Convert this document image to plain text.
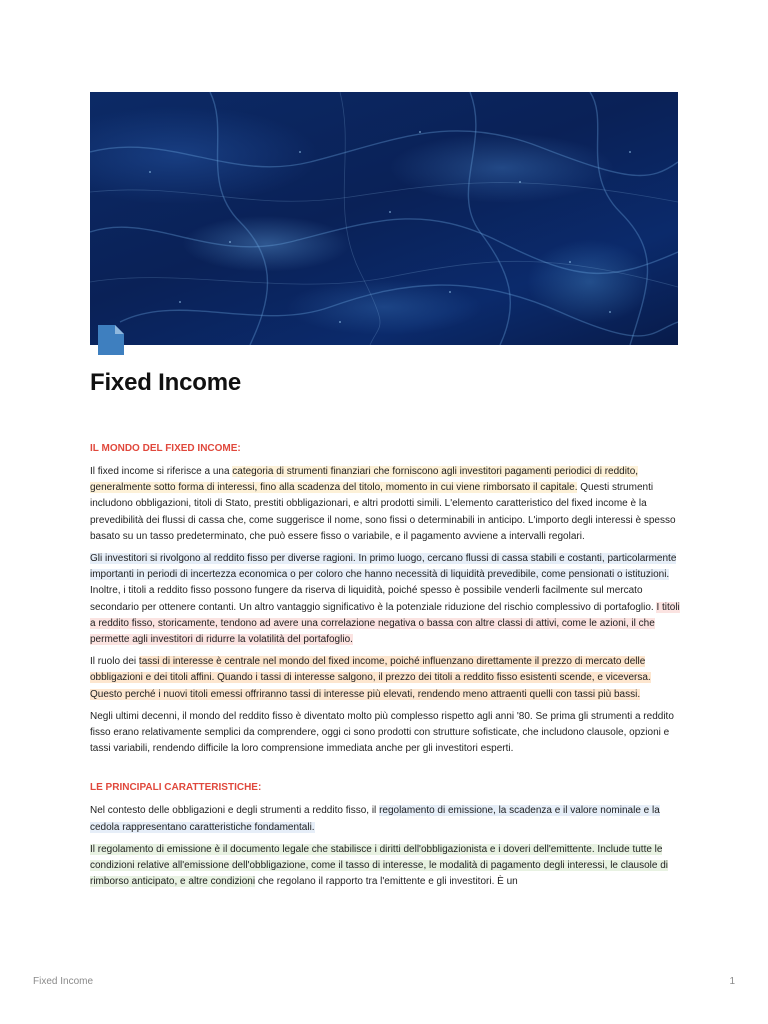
Fixed Income
IL MONDO DEL FIXED INCOME:

Il fixed income si riferisce a una categoria di strumenti finanziari che forniscono agli investitori pagamenti periodici di reddito, generalmente sotto forma di interessi, fino alla scadenza del titolo, momento in cui viene rimborsato il capitale. Questi strumenti includono obbligazioni, titoli di Stato, prestiti obbligazionari, e altri prodotti simili. L'elemento caratteristico del fixed income è la prevedibilità dei flussi di cassa che, come suggerisce il nome, sono fissi o determinabili in anticipo. L'importo degli interessi è spesso basato su un tasso predeterminato, che può essere fisso o variabile, e il pagamento avviene a intervalli regolari.

Gli investitori si rivolgono al reddito fisso per diverse ragioni. In primo luogo, cercano flussi di cassa stabili e costanti, particolarmente importanti in periodi di incertezza economica o per coloro che hanno necessità di liquidità prevedibile, come pensionati o istituzioni. Inoltre, i titoli a reddito fisso possono fungere da riserva di liquidità, poiché spesso è possibile venderli facilmente sul mercato secondario per ottenere contanti. Un altro vantaggio significativo è la potenziale riduzione del rischio complessivo di portafoglio. I titoli a reddito fisso, storicamente, tendono ad avere una correlazione negativa o bassa con altre classi di attivi, come le azioni, il che permette agli investitori di ridurre la volatilità del portafoglio.

Il ruolo dei tassi di interesse è centrale nel mondo del fixed income, poiché influenzano direttamente il prezzo di mercato delle obbligazioni e dei titoli affini. Quando i tassi di interesse salgono, il prezzo dei titoli a reddito fisso esistenti scende, e viceversa. Questo perché i nuovi titoli emessi offriranno tassi di interesse più elevati, rendendo meno attraenti quelli con tassi più bassi.

Negli ultimi decenni, il mondo del reddito fisso è diventato molto più complesso rispetto agli anni '80. Se prima gli strumenti a reddito fisso erano relativamente semplici da comprendere, oggi ci sono prodotti con strutture sofisticate, che includono clausole, opzioni e tassi variabili, rendendo difficile la loro comprensione immediata anche per gli investitori esperti.

LE PRINCIPALI CARATTERISTICHE:

Nel contesto delle obbligazioni e degli strumenti a reddito fisso, il regolamento di emissione, la scadenza e il valore nominale e la cedola rappresentano caratteristiche fondamentali.

Il regolamento di emissione è il documento legale che stabilisce i diritti dell'obbligazionista e i doveri dell'emittente. Include tutte le condizioni relative all'emissione dell'obbligazione, come il tasso di interesse, le modalità di pagamento degli interessi, le clausole di rimborso anticipato, e altre condizioni che regolano il rapporto tra l'emittente e gli investitori. È un

Fixed Income	1
